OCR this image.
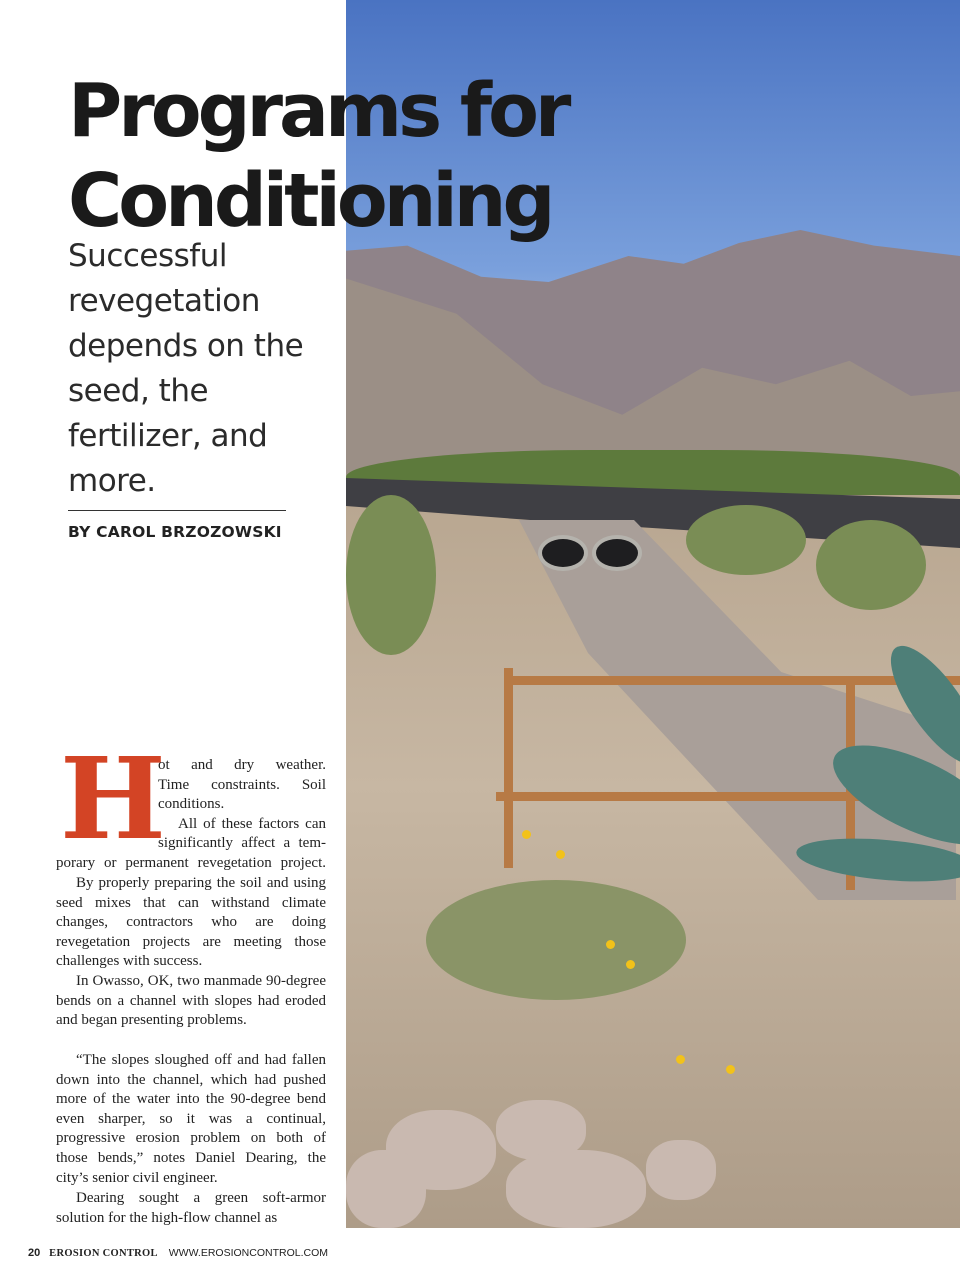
Programs for
Conditioning

Successful revegetation depends on the seed, the fertilizer, and more.

BY CAROL BRZOZOWSKI
H
ot and dry weather.
Time constraints. Soil
conditions.
All of these factors can
significantly affect a tem-
porary or permanent revegetation project.

By properly preparing the soil and using seed mixes that can withstand climate changes, contractors who are doing revegetation projects are meeting those challenges with success.

In Owasso, OK, two manmade 90-degree bends on a channel with slopes had eroded and began presenting problems.

“The slopes sloughed off and had fallen down into the channel, which had pushed more of the water into the 90-degree bend even sharper, so it was a continual, progressive erosion problem on both of those bends,” notes Daniel Dearing, the city’s senior civil engineer.

Dearing sought a green soft-armor solution for the high-flow channel as

20 EROSION CONTROL WWW.EROSIONCONTROL.COM
